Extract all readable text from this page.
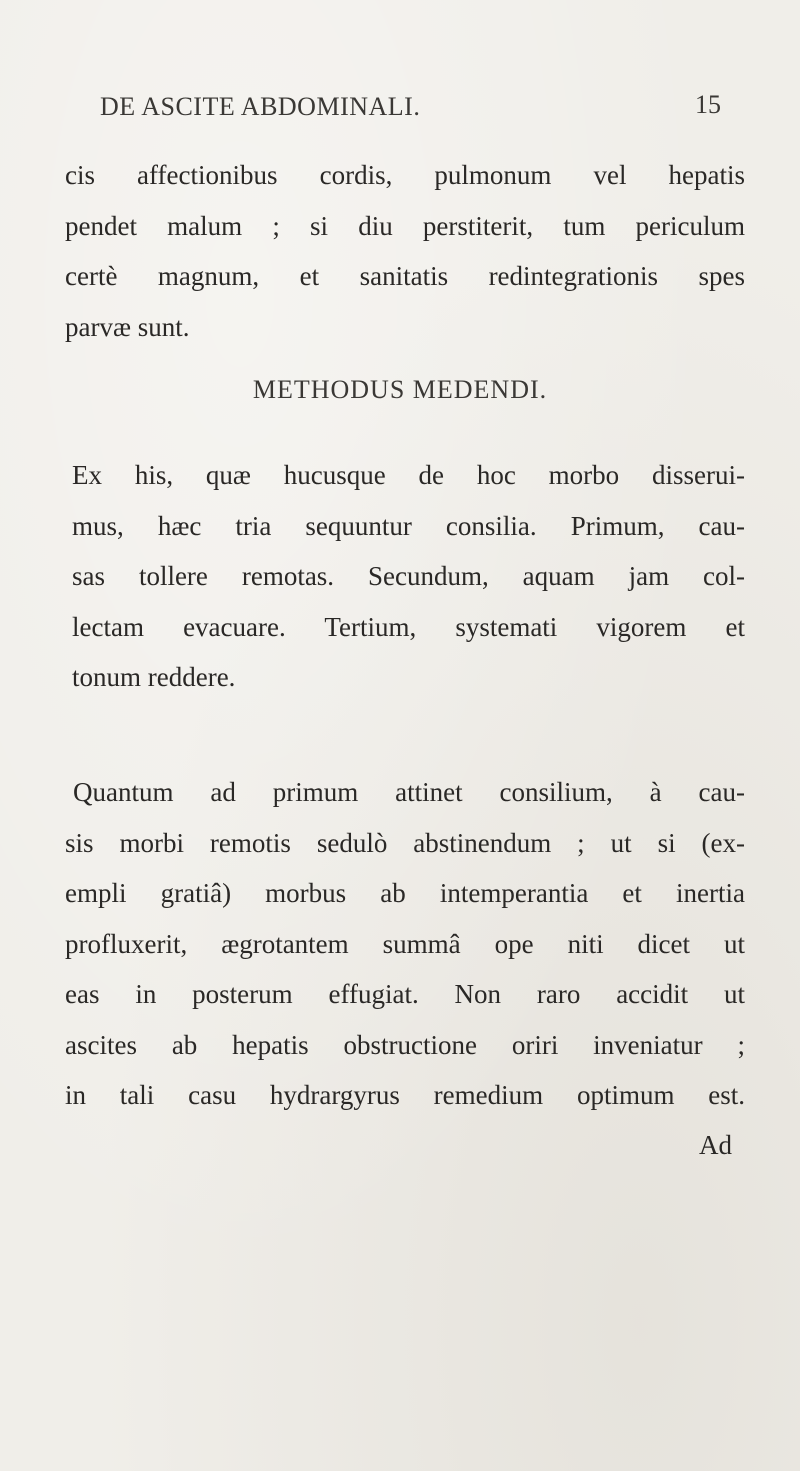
DE ASCITE ABDOMINALI.	15
cis affectionibus cordis, pulmonum vel hepatis
pendet malum ; si diu perstiterit, tum periculum
certè magnum, et sanitatis redintegrationis spes
parvæ sunt.
METHODUS MEDENDI.
Ex his, quæ hucusque de hoc morbo disserui-
mus, hæc tria sequuntur consilia. Primum, cau-
sas tollere remotas. Secundum, aquam jam col-
lectam evacuare. Tertium, systemati vigorem et
tonum reddere.
Quantum ad primum attinet consilium, à cau-
sis morbi remotis sedulò abstinendum ; ut si (ex-
empli gratiâ) morbus ab intemperantia et inertia
profluxerit, ægrotantem summâ ope niti dicet ut
eas in posterum effugiat. Non raro accidit ut
ascites ab hepatis obstructione oriri inveniatur ;
in tali casu hydrargyrus remedium optimum est.
Ad
